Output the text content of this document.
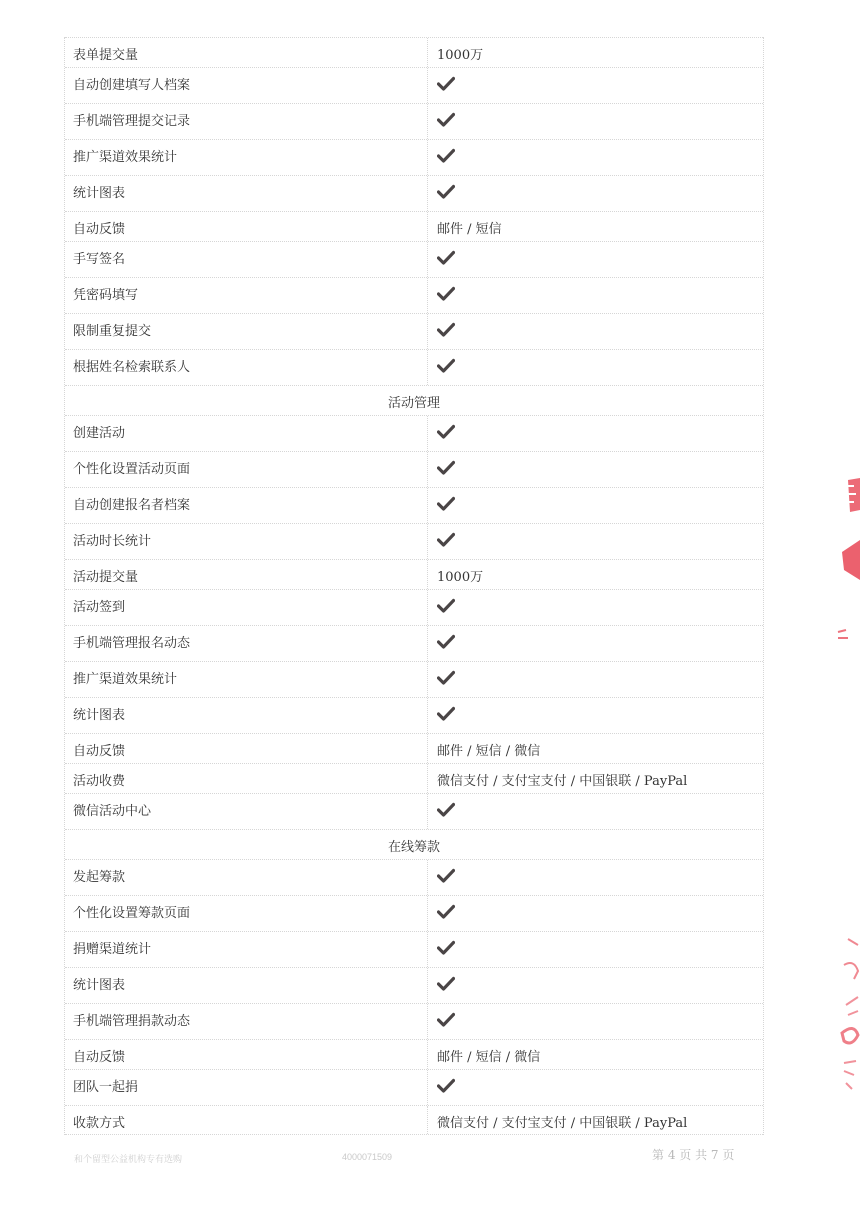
表单提交量	1000万
自动创建填写人档案
手机端管理提交记录
推广渠道效果统计
统计图表
自动反馈	邮件 / 短信
手写签名
凭密码填写
限制重复提交
根据姓名检索联系人
活动管理
创建活动
个性化设置活动页面
自动创建报名者档案
活动时长统计
活动提交量	1000万
活动签到
手机端管理报名动态
推广渠道效果统计
统计图表
自动反馈	邮件 / 短信 / 微信
活动收费	微信支付 / 支付宝支付 / 中国银联 / PayPal
微信活动中心
在线筹款
发起筹款
个性化设置筹款页面
捐赠渠道统计
统计图表
手机端管理捐款动态
自动反馈	邮件 / 短信 / 微信
团队一起捐
收款方式	微信支付 / 支付宝支付 / 中国银联 / PayPal
和个留型公益机构专有选购	4000071509	第 4 页 共 7 页
